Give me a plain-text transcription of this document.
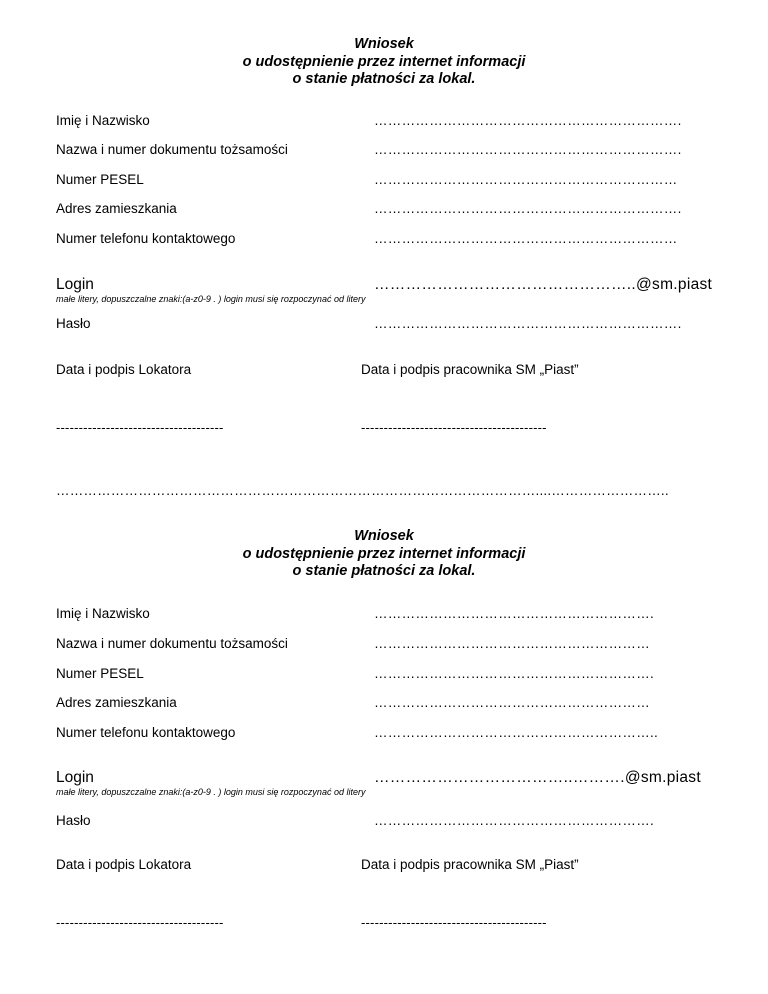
Wniosek
o udostępnienie przez internet informacji
o stanie płatności za lokal.
Imię i Nazwisko	………………………………………………………….
Nazwa i numer dokumentu tożsamości	………………………………………………………….
Numer PESEL	…………………………………………………………
Adres zamieszkania	………………………………………………………….
Numer telefonu kontaktowego	…………………………………………………………
Login	…………………………………………..@sm.piast
małe litery, dopuszczalne znaki:(a-z0-9 . ) login musi się rozpoczynać od litery
Hasło	………………………………………………………….
Data i podpis Lokatora	Data i podpis pracownika SM „Piast”
-------------------------------------	-----------------------------------------
……………………………………………………………………………………………....……………………..
Wniosek
o udostępnienie przez internet informacji
o stanie płatności za lokal.
Imię i Nazwisko	…………………………………………………….
Nazwa i numer dokumentu tożsamości	……………………………………………………
Numer PESEL	…………………………………………………….
Adres zamieszkania	……………………………………………………
Numer telefonu kontaktowego	……………………………………………………..
Login	………………………………..……….@sm.piast
małe litery, dopuszczalne znaki:(a-z0-9 . ) login musi się rozpoczynać od litery
Hasło	…………………………………………………….
Data i podpis Lokatora	Data i podpis pracownika SM „Piast”
-------------------------------------	-----------------------------------------
